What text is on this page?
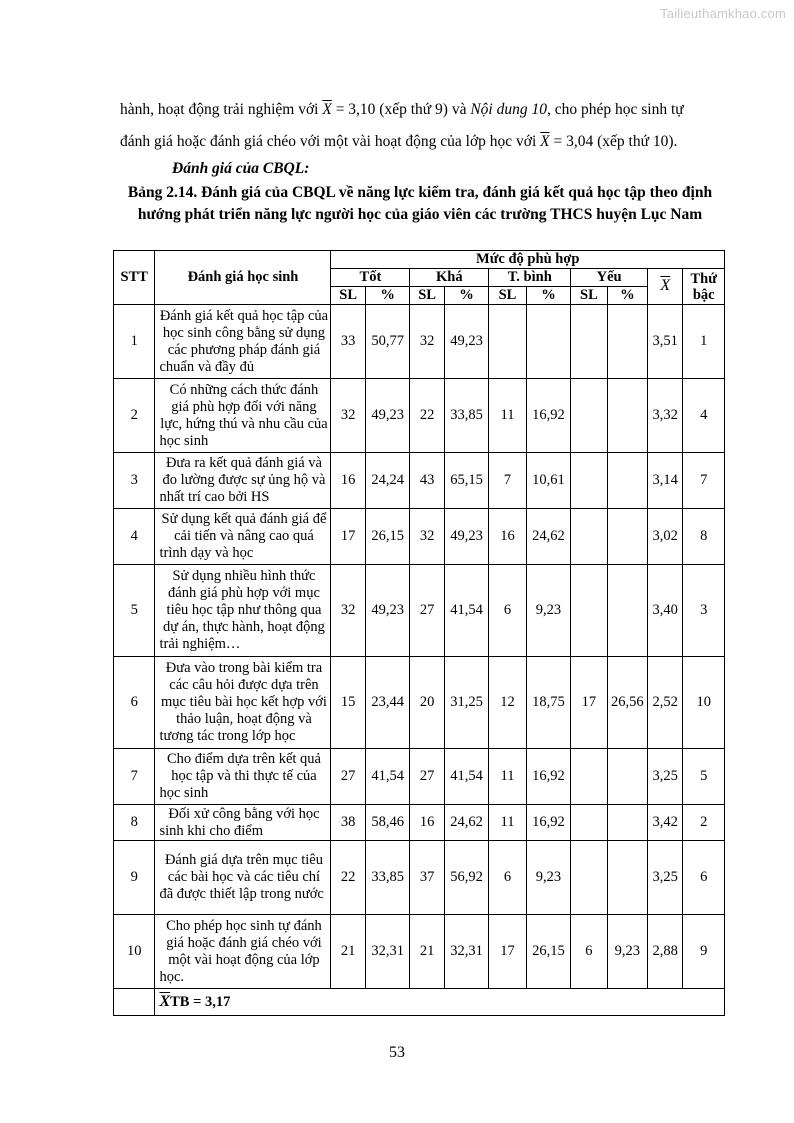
Tailieuthamkhao.com

hành, hoạt động trải nghiệm với $\overline{X} = 3,10$ (xếp thứ 9) và Nội dung 10, cho phép học sinh tự

đánh giá hoặc đánh giá chéo với một vài hoạt động của lớp học với $\overline{X} = 3,04$ (xếp thứ 10).

Đánh giá của CBQL:
Bảng 2.14. Đánh giá của CBQL về năng lực kiểm tra, đánh giá kết quả học tập theo định hướng phát triển năng lực người học của giáo viên các trường THCS huyện Lục Nam
STT	Đánh giá học sinh	Mức độ phù hợp									
		Tốt		Khá		T. bình		Yếu		$\overline{X}$	Thứ bậc
		SL	%	SL	%	SL	%	SL	%		
1	Đánh giá kết quả học tập của học sinh công bằng sử dụng các phương pháp đánh giá chuẩn và đầy đủ	33	50,77	32	49,23					3,51	1
2	Có những cách thức đánh giá phù hợp đối với năng lực, hứng thú và nhu cầu của học sinh	32	49,23	22	33,85	11	16,92			3,32	4
3	Đưa ra kết quả đánh giá và đo lường được sự ủng hộ và nhất trí cao bởi HS	16	24,24	43	65,15	7	10,61			3,14	7
4	Sử dụng kết quả đánh giá để cải tiến và nâng cao quá trình dạy và học	17	26,15	32	49,23	16	24,62			3,02	8
5	Sử dụng nhiều hình thức đánh giá phù hợp với mục tiêu học tập như thông qua dự án, thực hành, hoạt động trải nghiệm…	32	49,23	27	41,54	6	9,23			3,40	3
6	Đưa vào trong bài kiểm tra các câu hỏi được dựa trên mục tiêu bài học kết hợp với thảo luận, hoạt động và tương tác trong lớp học	15	23,44	20	31,25	12	18,75	17	26,56	2,52	10
7	Cho điểm dựa trên kết quả học tập và thi thực tế của học sinh	27	41,54	27	41,54	11	16,92			3,25	5
8	Đối xử công bằng với học sinh khi cho điểm	38	58,46	16	24,62	11	16,92			3,42	2
9	Đánh giá dựa trên mục tiêu các bài học và các tiêu chí đã được thiết lập trong nước	22	33,85	37	56,92	6	9,23			3,25	6
10	Cho phép học sinh tự đánh giá hoặc đánh giá chéo với một vài hoạt động của lớp học.	21	32,31	21	32,31	17	26,15	6	9,23	2,88	9
	$\overline{X}TB = 3,17$										
53
